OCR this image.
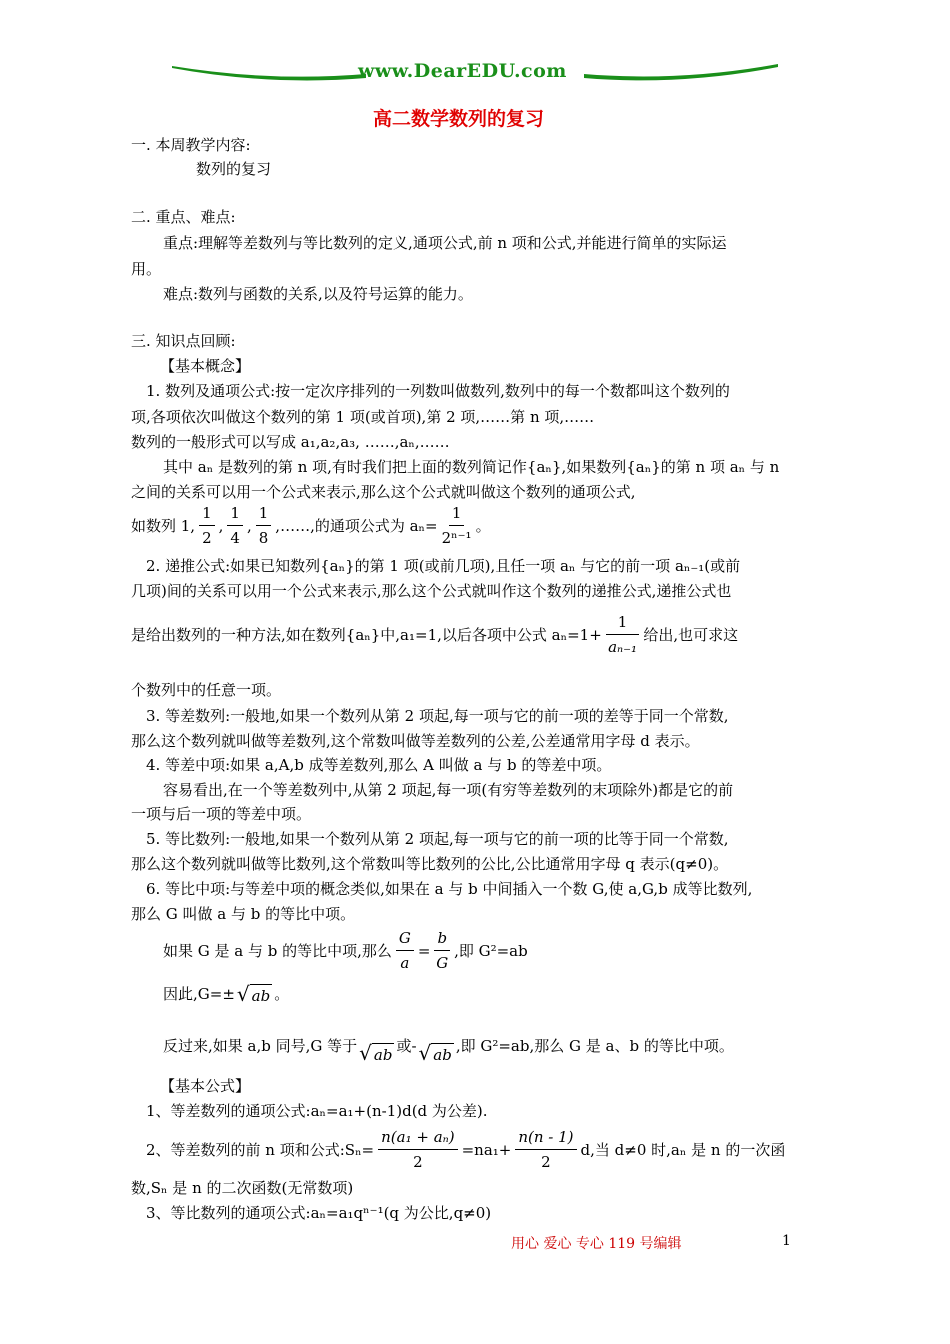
www.DearEDU.com
高二数学数列的复习
一. 本周教学内容:
数列的复习
二. 重点、难点:
重点:理解等差数列与等比数列的定义,通项公式,前 n 项和公式,并能进行简单的实际运
用。
难点:数列与函数的关系,以及符号运算的能力。
三. 知识点回顾:
【基本概念】
1. 数列及通项公式:按一定次序排列的一列数叫做数列,数列中的每一个数都叫这个数列的
项,各项依次叫做这个数列的第 1 项(或首项),第 2 项,……第 n 项,……
数列的一般形式可以写成 a₁,a₂,a₃, ……,aₙ,……
其中 aₙ 是数列的第 n 项,有时我们把上面的数列简记作{aₙ},如果数列{aₙ}的第 n 项 aₙ 与 n
之间的关系可以用一个公式来表示,那么这个公式就叫做这个数列的通项公式,
如数列 1, $\frac{1}{2}$ , $\frac{1}{4}$ , $\frac{1}{8}$ ,……,的通项公式为 $a_n= \frac{1}{\text{2ⁿ⁻¹}}$ 。
2. 递推公式:如果已知数列{aₙ}的第 1 项(或前几项),且任一项 aₙ 与它的前一项 aₙ₋₁(或前
几项)间的关系可以用一个公式来表示,那么这个公式就叫作这个数列的递推公式,递推公式也
是给出数列的一种方法,如在数列{aₙ}中,a₁=1,以后各项中公式 $a_n=1+ \frac{1}{\text{aₙ₋₁}}$ 给出,也可求这
个数列中的任意一项。
3. 等差数列:一般地,如果一个数列从第 2 项起,每一项与它的前一项的差等于同一个常数,
那么这个数列就叫做等差数列,这个常数叫做等差数列的公差,公差通常用字母 d 表示。
4. 等差中项:如果 a,A,b 成等差数列,那么 A 叫做 a 与 b 的等差中项。
容易看出,在一个等差数列中,从第 2 项起,每一项(有穷等差数列的末项除外)都是它的前
一项与后一项的等差中项。
5. 等比数列:一般地,如果一个数列从第 2 项起,每一项与它的前一项的比等于同一个常数,
那么这个数列就叫做等比数列,这个常数叫等比数列的公比,公比通常用字母 q 表示(q≠0)。
6. 等比中项:与等差中项的概念类似,如果在 a 与 b 中间插入一个数 G,使 a,G,b 成等比数列,
那么 G 叫做 a 与 b 的等比中项。
如果 G 是 a 与 b 的等比中项,那么 $\frac{G}{a} = \frac{b}{G}$ ,即 G²=ab
因此,G=± √ ab 。
反过来,如果 a,b 同号,G 等于 √ ab 或- √ ab ,即 G²=ab,那么 G 是 a、b 的等比中项。
【基本公式】
1、等差数列的通项公式:aₙ=a₁+(n-1)d(d 为公差).
2、等差数列的前 n 项和公式:Sₙ= $\frac{\text{n(a₁ + aₙ)}}{2} =na_1+ \frac{n(n - 1)}{2} d$,当 d≠0 时,aₙ 是 n 的一次函
数,Sₙ 是 n 的二次函数(无常数项)
3、等比数列的通项公式:aₙ=a₁qⁿ⁻¹(q 为公比,q≠0)
用心 爱心 专心 119 号编辑	1
